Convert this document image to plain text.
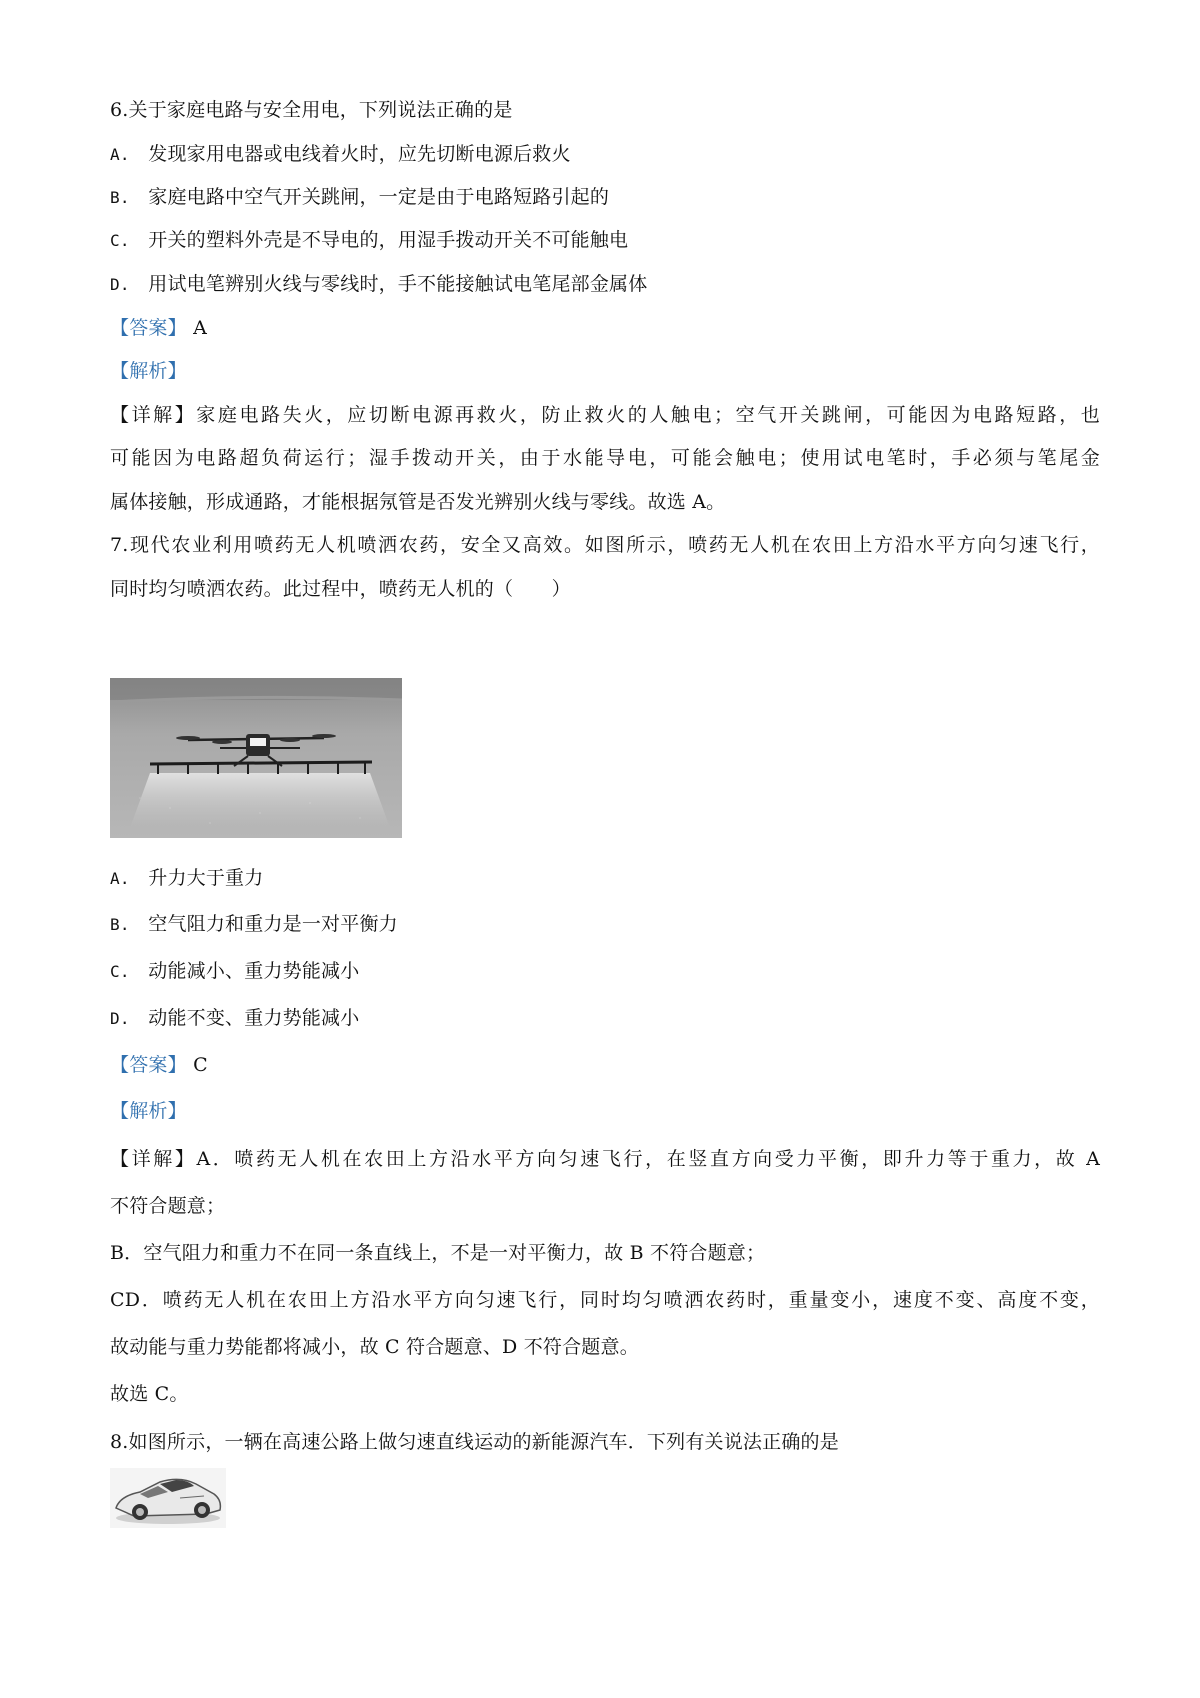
6.关于家庭电路与安全用电，下列说法正确的是
A. 发现家用电器或电线着火时，应先切断电源后救火
B. 家庭电路中空气开关跳闸，一定是由于电路短路引起的
C. 开关的塑料外壳是不导电的，用湿手拨动开关不可能触电
D. 用试电笔辨别火线与零线时，手不能接触试电笔尾部金属体
【答案】 A
【解析】
【详解】家庭电路失火，应切断电源再救火，防止救火的人触电；空气开关跳闸，可能因为电路短路，也
可能因为电路超负荷运行；湿手拨动开关，由于水能导电，可能会触电；使用试电笔时，手必须与笔尾金
属体接触，形成通路，才能根据氖管是否发光辨别火线与零线。故选 A。
7.现代农业利用喷药无人机喷洒农药，安全又高效。如图所示，喷药无人机在农田上方沿水平方向匀速飞行，
同时均匀喷洒农药。此过程中，喷药无人机的（　　）
A. 升力大于重力
B. 空气阻力和重力是一对平衡力
C. 动能减小、重力势能减小
D. 动能不变、重力势能减小
【答案】 C
【解析】
【详解】A．喷药无人机在农田上方沿水平方向匀速飞行，在竖直方向受力平衡，即升力等于重力，故 A
不符合题意；
B．空气阻力和重力不在同一条直线上，不是一对平衡力，故 B 不符合题意；
CD．喷药无人机在农田上方沿水平方向匀速飞行，同时均匀喷洒农药时，重量变小，速度不变、高度不变，
故动能与重力势能都将减小，故 C 符合题意、D 不符合题意。
故选 C。
8.如图所示，一辆在高速公路上做匀速直线运动的新能源汽车．下列有关说法正确的是
